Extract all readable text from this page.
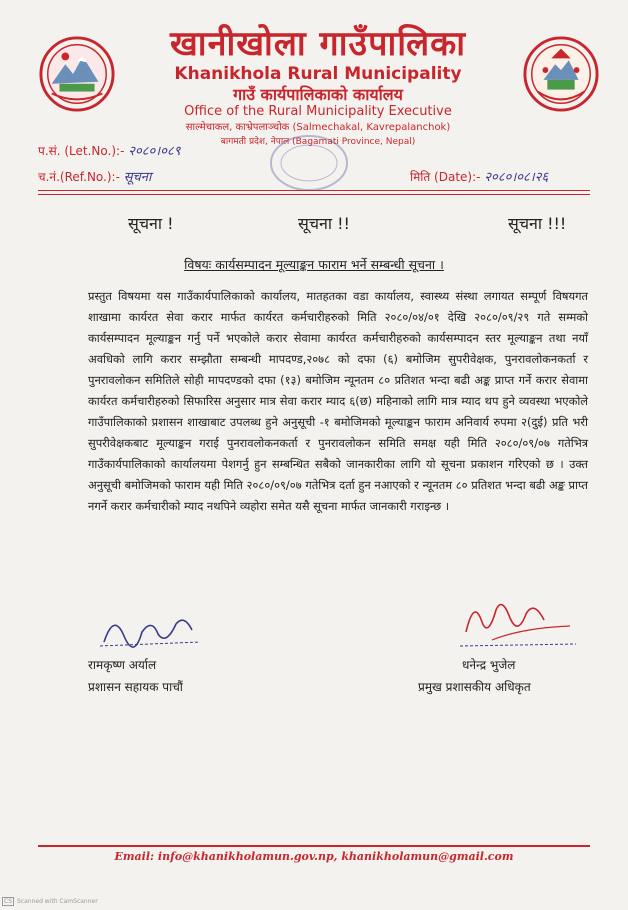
खानीखोला गाउँपालिका
Khanikhola Rural Municipality
गाउँ कार्यपालिकाको कार्यालय
Office of the Rural Municipality Executive
साल्मेचाकल, काभ्रेपलाञ्चोक (Salmechakal, Kavrepalanchok)
बागमती प्रदेश, नेपाल (Bagamati Province, Nepal)
प.सं. (Let.No.):- २०८०।०८९
च.नं.(Ref.No.):- सूचना	मिति (Date):- २०८०।०८।२६
सूचना !	सूचना !!	सूचना !!!
विषयः कार्यसम्पादन मूल्याङ्कन फाराम भर्ने सम्बन्धी सूचना ।
प्रस्तुत विषयमा यस गाउँकार्यपालिकाको कार्यालय, मातहतका वडा कार्यालय, स्वास्थ्य संस्था लगायत सम्पूर्ण विषयगत शाखामा कार्यरत सेवा करार मार्फत कार्यरत कर्मचारीहरुको मिति २०८०/०४/०१ देखि २०८०/०९/२९ गते सम्मको कार्यसम्पादन मूल्याङ्कन गर्नु पर्ने भएकोले करार सेवामा कार्यरत कर्मचारीहरुको कार्यसम्पादन स्तर मूल्याङ्कन तथा नयाँ अवधिको लागि करार सम्झौता सम्बन्धी मापदण्ड,२०७८ को दफा (६) बमोजिम सुपरीवेक्षक, पुनरावलोकनकर्ता र पुनरावलोकन समितिले सोही मापदण्डको दफा (१३) बमोजिम न्यूनतम ८० प्रतिशत भन्दा बढी अङ्क प्राप्त गर्ने करार सेवामा कार्यरत कर्मचारीहरुको सिफारिस अनुसार मात्र सेवा करार म्याद ६(छ) महिनाको लागि मात्र म्याद थप हुने व्यवस्था भएकोले गाउँपालिकाको प्रशासन शाखाबाट उपलब्ध हुने अनुसूची -१ बमोजिमको मूल्याङ्कन फाराम अनिवार्य रुपमा २(दुई) प्रति भरी सुपरीवेक्षकबाट मूल्याङ्कन गराई पुनरावलोकनकर्ता र पुनरावलोकन समिति समक्ष यही मिति २०८०/०९/०७ गतेभित्र गाउँकार्यपालिकाको कार्यालयमा पेशगर्नु हुन सम्बन्धित सबैको जानकारीका लागि यो सूचना प्रकाशन गरिएको छ । उक्त अनुसूची बमोजिमको फाराम यही मिति २०८०/०९/०७ गतेभित्र दर्ता हुन नआएको र न्यूनतम ८० प्रतिशत भन्दा बढी अङ्क प्राप्त नगर्ने करार कर्मचारीको म्याद नथपिने व्यहोरा समेत यसै सूचना मार्फत जानकारी गराइन्छ ।
रामकृष्ण अर्याल
प्रशासन सहायक पाचौं
धनेन्द्र भुजेल
प्रमुख प्रशासकीय अधिकृत
Email: info@khanikholamun.gov.np, khanikholamun@gmail.com
CS Scanned with CamScanner
